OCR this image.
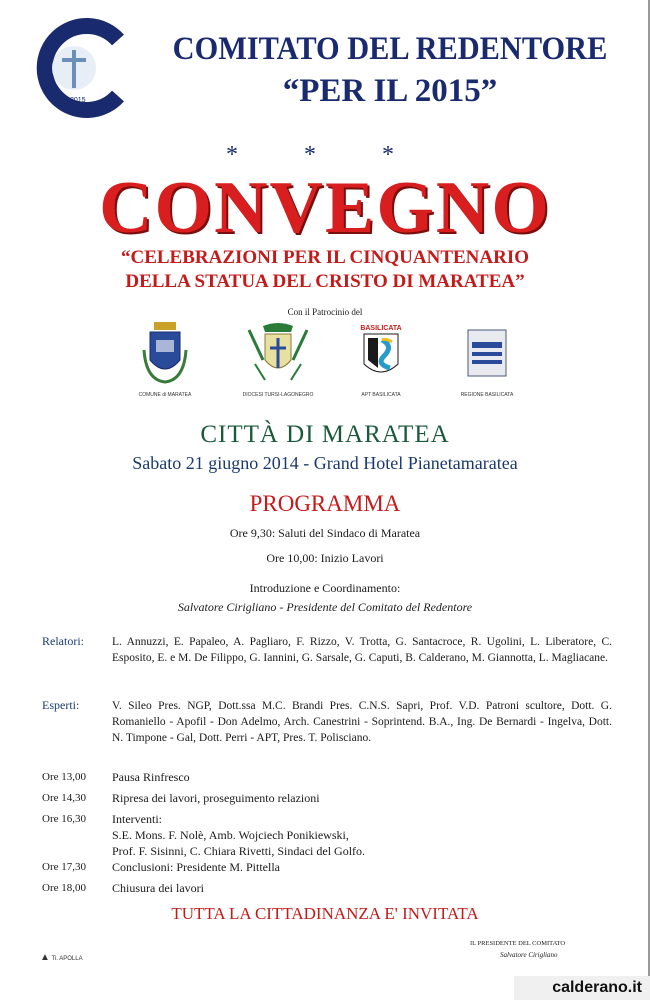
IL 2015
COMITATO DEL REDENTORE
“PER IL 2015”
* * *
CONVEGNO
“CELEBRAZIONI PER IL CINQUANTENARIO
DELLA STATUA DEL CRISTO DI MARATEA”
Con il Patrocinio del
COMUNE di MARATEA	DIOCESI TURSI-LAGONEGRO
BASILICATA
APT BASILICATA	REGIONE BASILICATA
CITTÀ DI MARATEA
Sabato 21 giugno 2014 - Grand Hotel Pianetamaratea
PROGRAMMA
Ore 9,30: Saluti del Sindaco di Maratea
Ore 10,00: Inizio Lavori
Introduzione e Coordinamento:
Salvatore Cirigliano - Presidente del Comitato del Redentore
Relatori: L. Annuzzi, E. Papaleo, A. Pagliaro, F. Rizzo, V. Trotta, G. Santacroce, R. Ugolini, L. Liberatore, C. Esposito, E. e M. De Filippo, G. Iannini, G. Sarsale, G. Caputi, B. Calderano, M. Giannotta, L. Magliacane.
Esperti:	V. Sileo Pres. NGP, Dott.ssa M.C. Brandi Pres. C.N.S. Sapri, Prof. V.D. Patroni scultore, Dott. G. Romaniello - Apofil - Don Adelmo, Arch. Canestrini - Soprintend. B.A., Ing. De Bernardi - Ingelva, Dott. N. Timpone - Gal, Dott. Perri - APT, Pres. T. Polisciano.
Ore 13,00 Pausa Rinfresco
Ore 14,30 Ripresa dei lavori, proseguimento relazioni
Ore 16,30 Interventi:
S.E. Mons. F. Nolè, Amb. Wojciech Ponikiewski,
Prof. F. Sisinni, C. Chiara Rivetti, Sindaci del Golfo.
Ore 17,30 Conclusioni: Presidente M. Pittella
Ore 18,00 Chiusura dei lavori
TUTTA LA CITTADINANZA E' INVITATA
▲ Ti. APOLLA
IL PRESIDENTE DEL COMITATO
Salvatore Cirigliano
calderano.it
